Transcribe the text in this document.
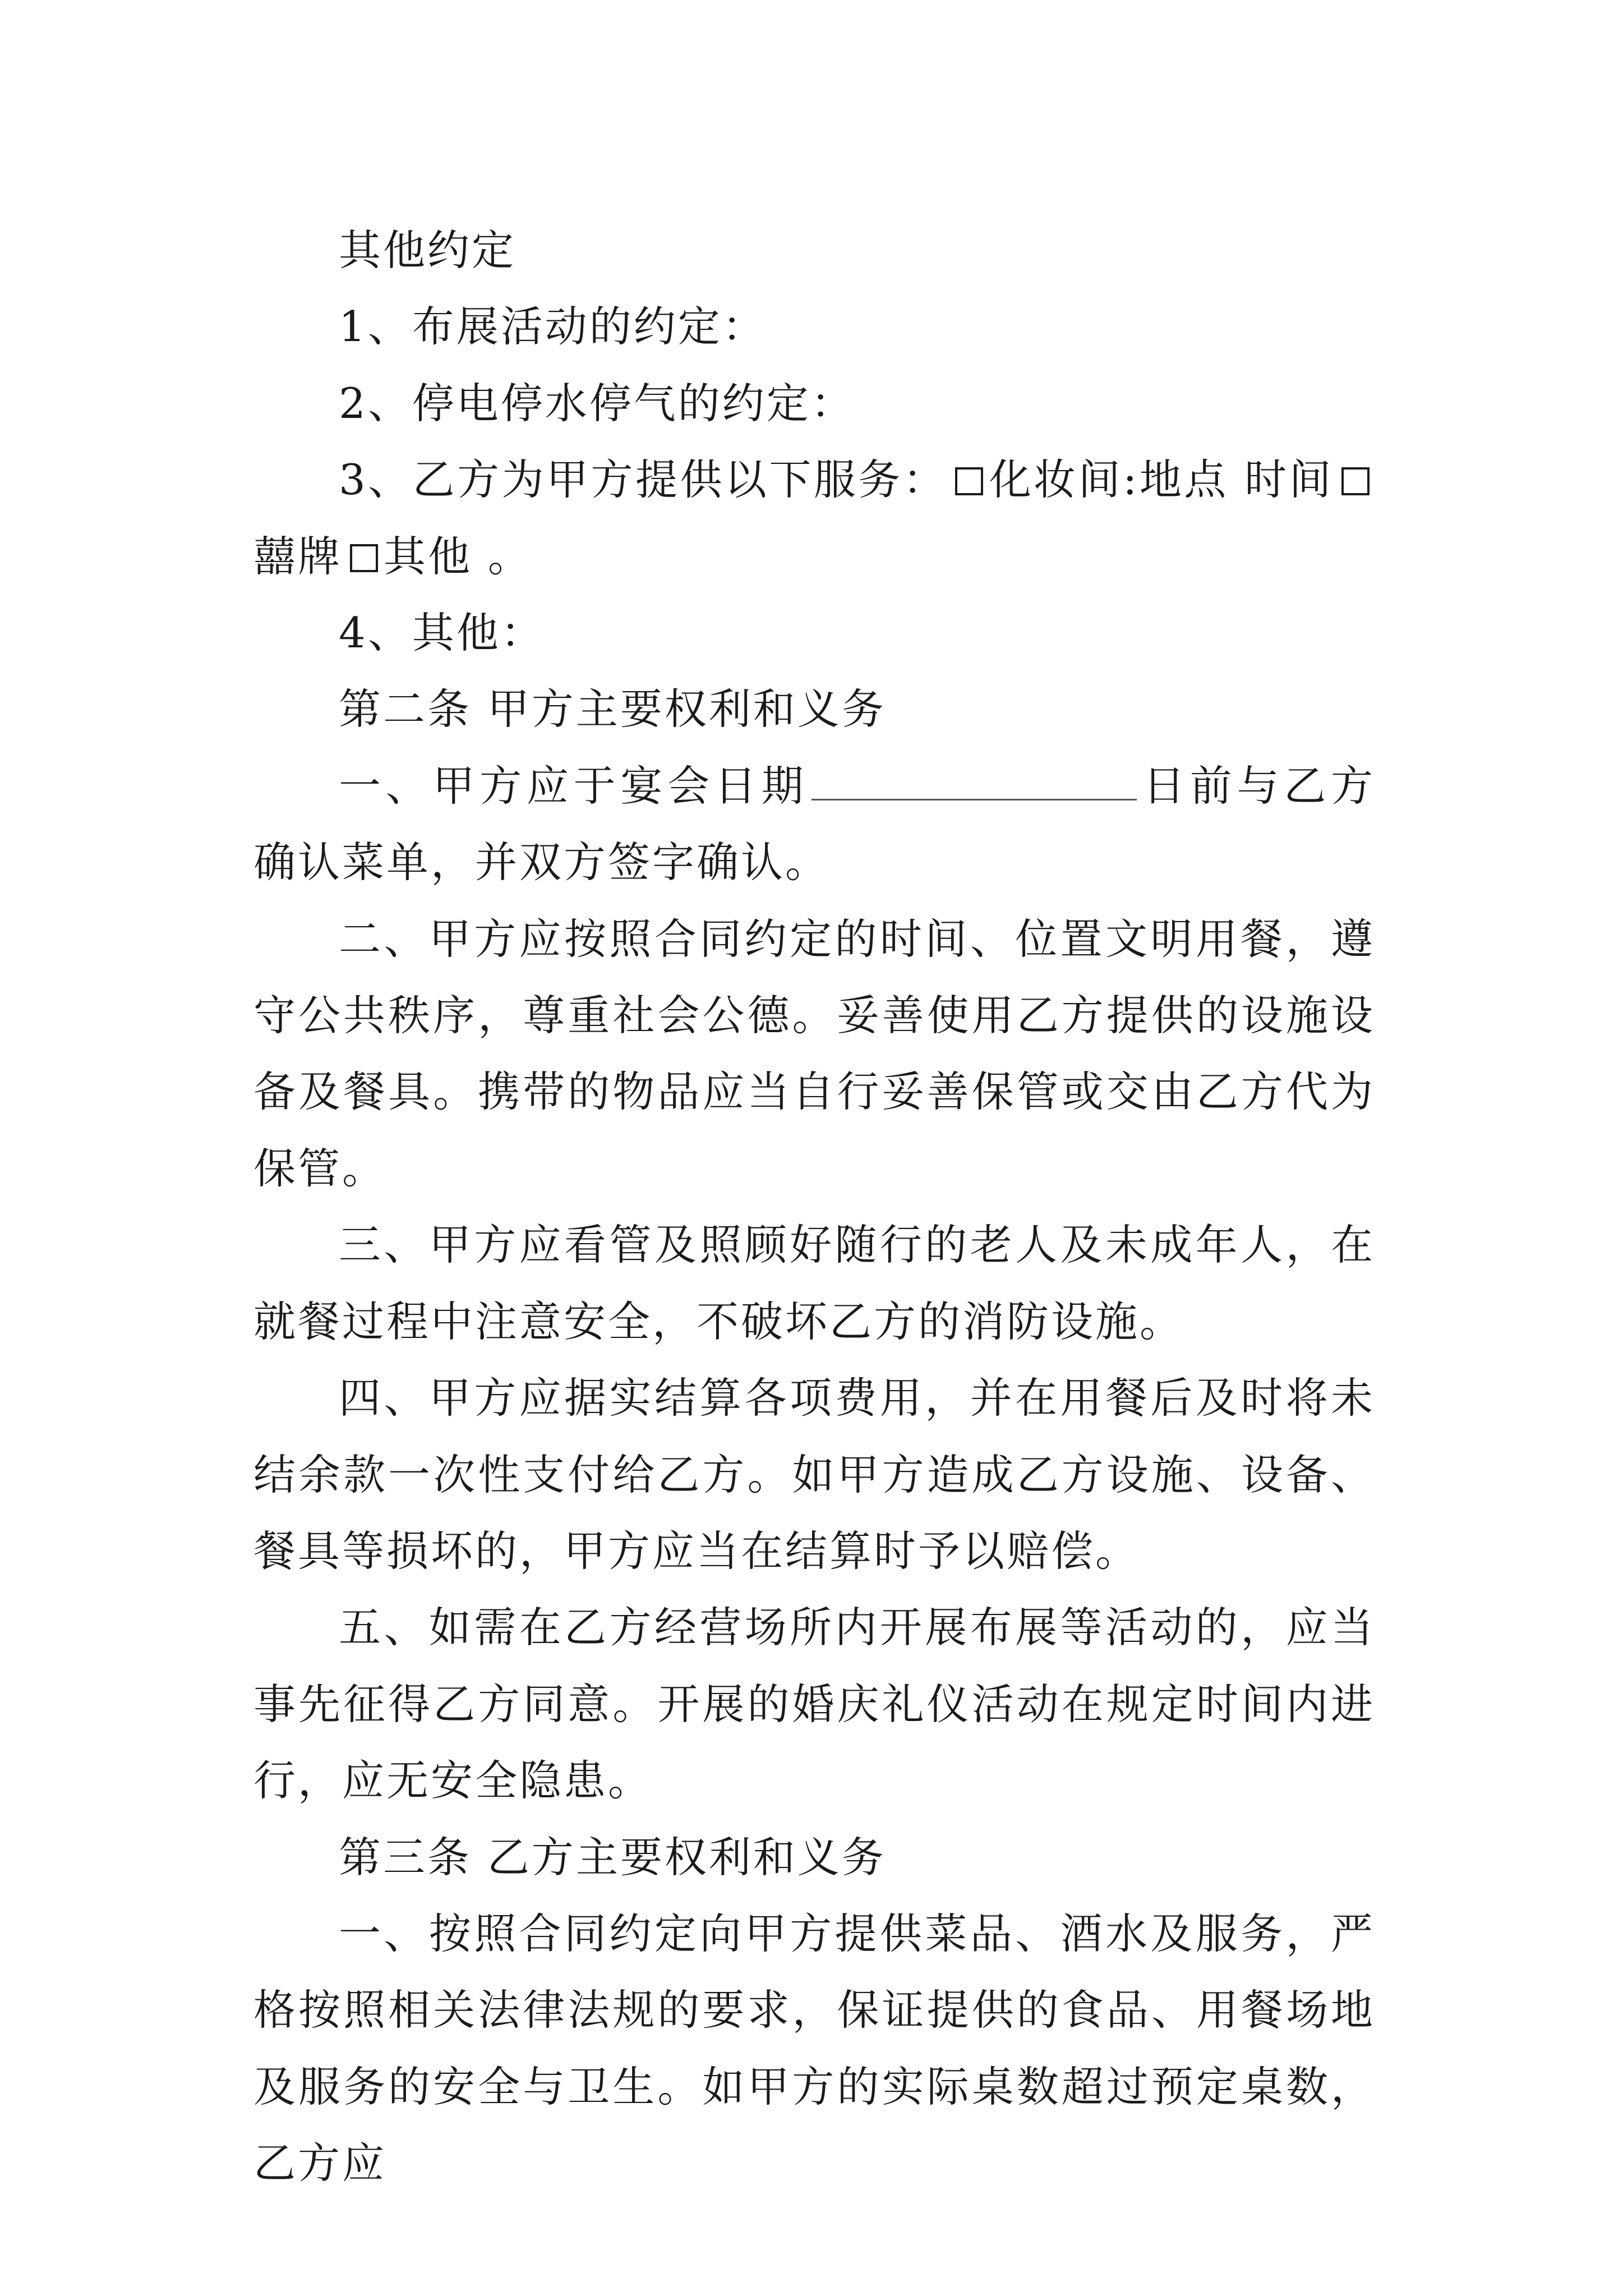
其他约定

1、布展活动的约定：

2、停电停水停气的约定：

3、乙方为甲方提供以下服务： 化妆间:地点 时间囍牌 其他 。

4、其他：

第二条 甲方主要权利和义务

一、甲方应于宴会日期	日前与乙方确认菜单，并双方签字确认。

二、甲方应按照合同约定的时间、位置文明用餐，遵守公共秩序，尊重社会公德。妥善使用乙方提供的设施设备及餐具。携带的物品应当自行妥善保管或交由乙方代为保管。

三、甲方应看管及照顾好随行的老人及未成年人，在就餐过程中注意安全，不破坏乙方的消防设施。

四、甲方应据实结算各项费用，并在用餐后及时将未结余款一次性支付给乙方。如甲方造成乙方设施、设备、餐具等损坏的，甲方应当在结算时予以赔偿。

五、如需在乙方经营场所内开展布展等活动的，应当事先征得乙方同意。开展的婚庆礼仪活动在规定时间内进行，应无安全隐患。

第三条 乙方主要权利和义务

一、按照合同约定向甲方提供菜品、酒水及服务，严格按照相关法律法规的要求，保证提供的食品、用餐场地及服务的安全与卫生。如甲方的实际桌数超过预定桌数，乙方应
